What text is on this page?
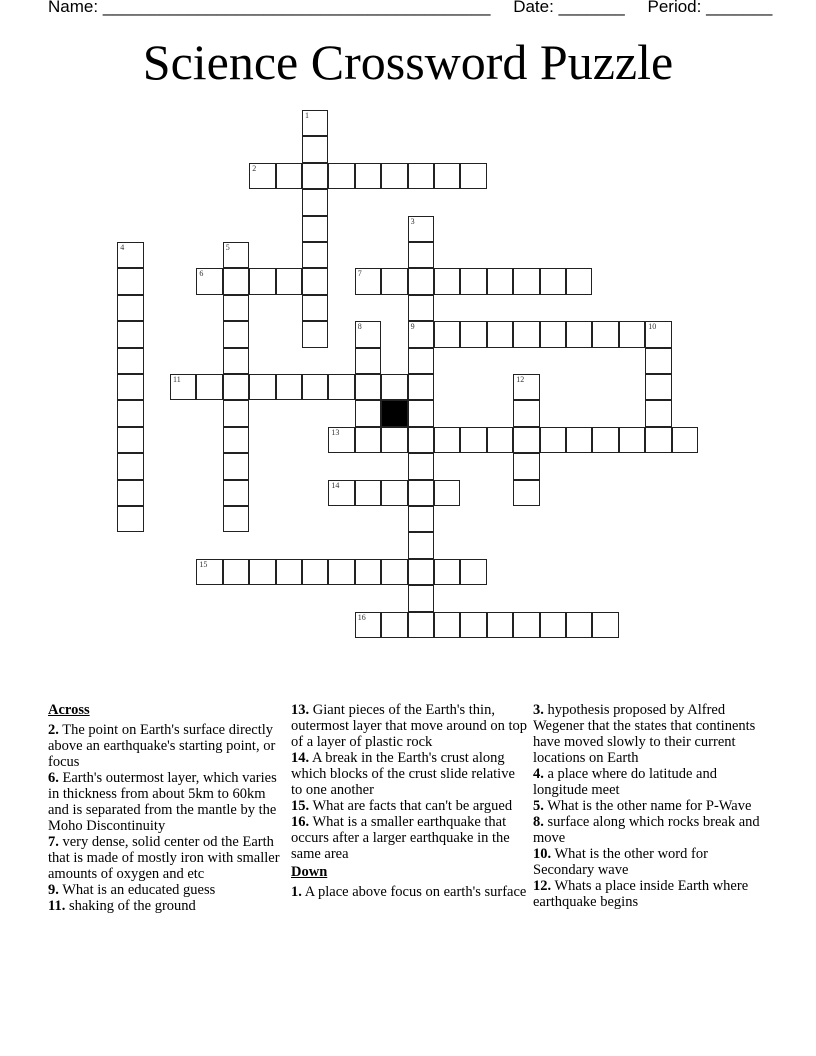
Name: _________________________________________ Date: _______ Period: _______
Science Crossword Puzzle
1
2
3
9
4	5
6	7
8	10
11	12
13
14
15
16
Across
2. The point on Earth's surface directly above an earthquake's starting point, or focus
6. Earth's outermost layer, which varies in thickness from about 5km to 60km and is separated from the mantle by the Moho Discontinuity
7. very dense, solid center od the Earth that is made of mostly iron with smaller amounts of oxygen and etc
9. What is an educated guess
11. shaking of the ground
13. Giant pieces of the Earth's thin, outermost layer that move around on top of a layer of plastic rock
14. A break in the Earth's crust along which blocks of the crust slide relative to one another
15. What are facts that can't be argued
16. What is a smaller earthquake that occurs after a larger earthquake in the same area
Down
1. A place above focus on earth's surface
3. hypothesis proposed by Alfred Wegener that the states that continents have moved slowly to their current locations on Earth
4. a place where do latitude and longitude meet
5. What is the other name for P-Wave
8. surface along which rocks break and move
10. What is the other word for Secondary wave
12. Whats a place inside Earth where earthquake begins
